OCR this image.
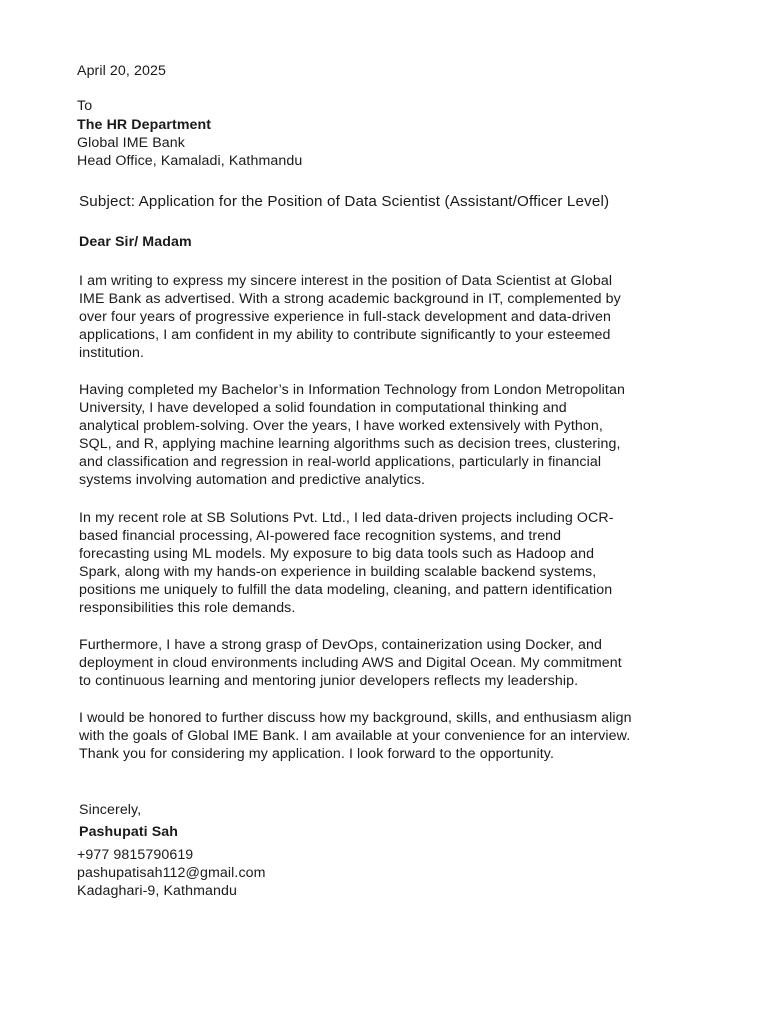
April 20, 2025
To
The HR Department
Global IME Bank
Head Office, Kamaladi, Kathmandu
Subject: Application for the Position of Data Scientist (Assistant/Officer Level)
Dear Sir/ Madam
I am writing to express my sincere interest in the position of Data Scientist at Global
IME Bank as advertised. With a strong academic background in IT, complemented by
over four years of progressive experience in full-stack development and data-driven
applications, I am confident in my ability to contribute significantly to your esteemed
institution.
Having completed my Bachelor’s in Information Technology from London Metropolitan
University, I have developed a solid foundation in computational thinking and
analytical problem-solving. Over the years, I have worked extensively with Python,
SQL, and R, applying machine learning algorithms such as decision trees, clustering,
and classification and regression in real-world applications, particularly in financial
systems involving automation and predictive analytics.
In my recent role at SB Solutions Pvt. Ltd., I led data-driven projects including OCR-
based financial processing, AI-powered face recognition systems, and trend
forecasting using ML models. My exposure to big data tools such as Hadoop and
Spark, along with my hands-on experience in building scalable backend systems,
positions me uniquely to fulfill the data modeling, cleaning, and pattern identification
responsibilities this role demands.
Furthermore, I have a strong grasp of DevOps, containerization using Docker, and
deployment in cloud environments including AWS and Digital Ocean. My commitment
to continuous learning and mentoring junior developers reflects my leadership.
I would be honored to further discuss how my background, skills, and enthusiasm align
with the goals of Global IME Bank. I am available at your convenience for an interview.
Thank you for considering my application. I look forward to the opportunity.
Sincerely,
Pashupati Sah
+977 9815790619
pashupatisah112@gmail.com
Kadaghari-9, Kathmandu
